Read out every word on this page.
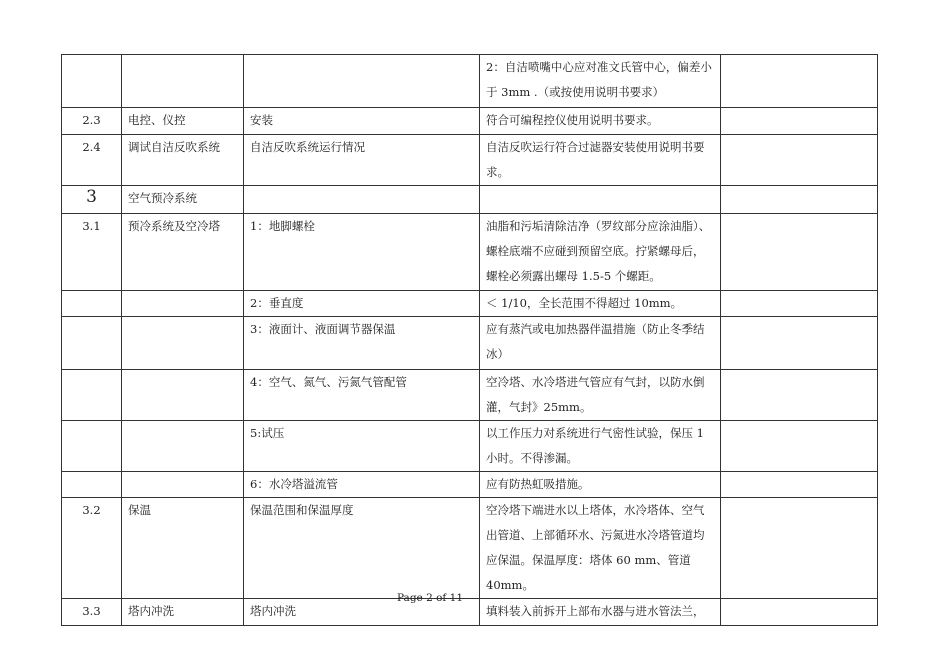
			2：自洁喷嘴中心应对准文氏管中心，偏差小于 3mm .（或按使用说明书要求）	
2.3	电控、仪控	安装	符合可编程控仪使用说明书要求。	
2.4	调试自洁反吹系统	自洁反吹系统运行情况	自洁反吹运行符合过滤器安装使用说明书要求。	
3	空气预冷系统			
3.1	预冷系统及空冷塔	1：地脚螺栓	油脂和污垢清除洁净（罗纹部分应涂油脂）、螺栓底端不应碰到预留空底。拧紧螺母后，螺栓必须露出螺母 1.5-5 个螺距。	
		2：垂直度	＜ 1/10，全长范围不得超过 10mm。	
		3：液面计、液面调节器保温	应有蒸汽或电加热器伴温措施（防止冬季结冰）	
		4：空气、氮气、污氮气管配管	空冷塔、水冷塔进气管应有气封，以防水倒灌，气封》25mm。	
		5:试压	以工作压力对系统进行气密性试验，保压 1 小时。不得渗漏。	
		6：水冷塔溢流管	应有防热虹吸措施。	
3.2	保温	保温范围和保温厚度	空冷塔下端进水以上塔体，水冷塔体、空气出管道、上部循环水、污氮进水冷塔管道均应保温。保温厚度：塔体 60 mm、管道 40mm。	
3.3	塔内冲洗	塔内冲洗	填料装入前拆开上部布水器与进水管法兰，	
Page 2 of 11
